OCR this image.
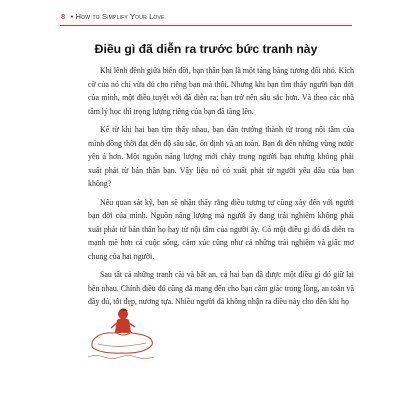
8 • How to Simplify Your Love
Điều gì đã diễn ra trước bức tranh này

Khi lênh đênh giữa biển đời, bạn thân bạn là một tảng băng tương đối nhỏ. Kích cỡ của nó chỉ vừa đủ cho riêng bạn mà thôi. Nhưng khi bạn tìm thấy người bạn đời của mình, một điều tuyệt vời đã diễn ra: bạn trở nên sâu sắc hơn. Và theo các nhà tâm lý học thì trọng lượng riêng của bạn đã tăng lên.

Kể từ khi hai bạn tìm thấy nhau, bạn dần trưởng thành từ trong nội tâm của mình đồng thời đạt đến độ sâu sắc, ổn định và an toàn. Bạn đi đến những vùng nước yên ả hơn. Một nguồn năng lượng mới chảy trong người bạn nhưng không phải xuất phát từ bản thân bạn. Vậy liệu nó có xuất phát từ người yêu dấu của bạn không?

Nếu quan sát kỹ, bạn sẽ nhận thấy rằng điều tương tự cũng xảy đến với người bạn đời của mình. Nguồn năng lượng mà người ấy đang trải nghiệm không phải xuất phát từ bản thân họ hay từ nội tâm của người ấy. Có một điều gì đó đã diễn ra mạnh mẽ hơn cả cuộc sống, cảm xúc cũng như cả những trải nghiệm và giấc mơ chung của hai người.

Sau tất cả những tranh cãi và bất an, cả hai bạn đã được một điều gì đó giữ lại bên nhau. Chính điều đó cũng đã mang đến cho bạn cảm giác trong lòng, an toàn và đầy đủ, tốt đẹp, nương tựa. Nhiều người đã không nhận ra điều này cho đến khi họ
